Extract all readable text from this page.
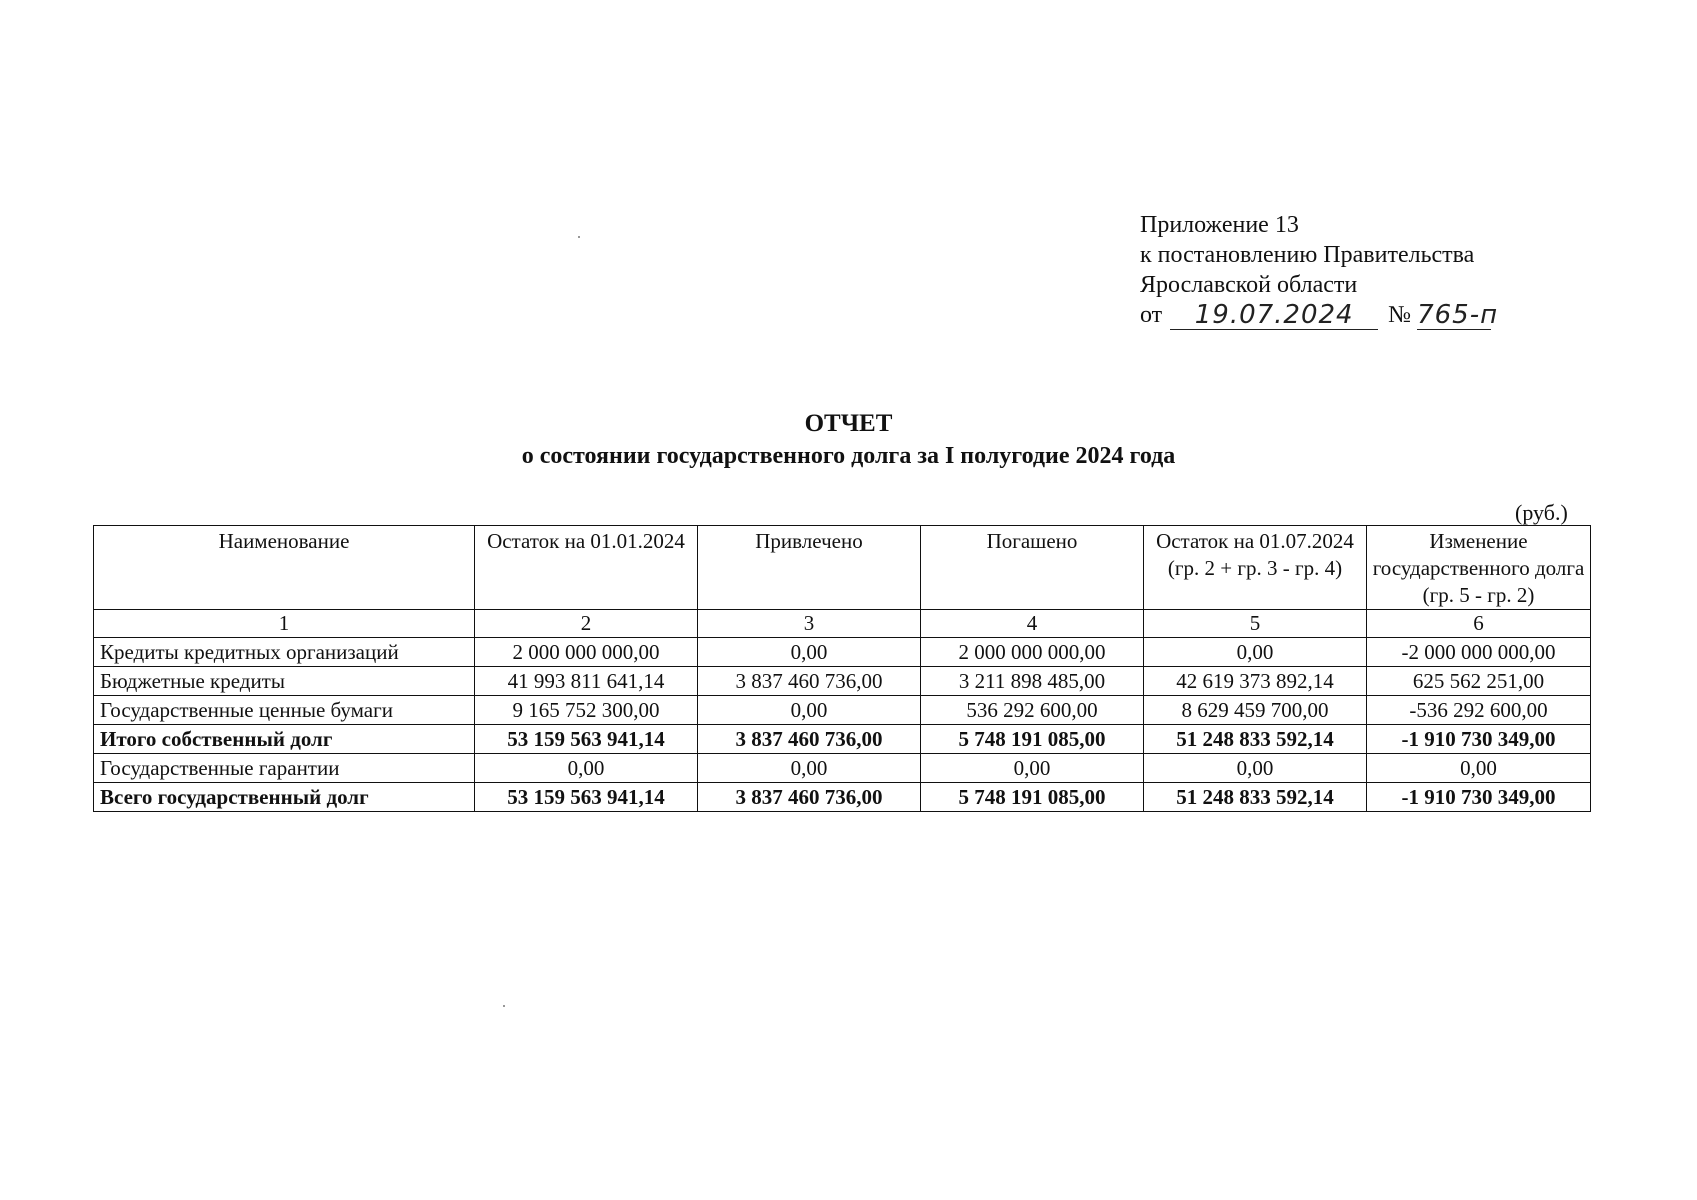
Приложение 13
к постановлению Правительства
Ярославской области
от	19.07.2024	№ 765-п
ОТЧЕТ
о состоянии государственного долга за I полугодие 2024 года
(руб.)
Наименование	Остаток на 01.01.2024	Привлечено	Погашено	Остаток на 01.07.2024 (гр. 2 + гр. 3 - гр. 4)	Изменение государственного долга (гр. 5 - гр. 2)
1	2	3	4	5	6
Кредиты кредитных организаций	2 000 000 000,00	0,00	2 000 000 000,00	0,00	-2 000 000 000,00
Бюджетные кредиты	41 993 811 641,14	3 837 460 736,00	3 211 898 485,00	42 619 373 892,14	625 562 251,00
Государственные ценные бумаги	9 165 752 300,00	0,00	536 292 600,00	8 629 459 700,00	-536 292 600,00
Итого собственный долг	53 159 563 941,14	3 837 460 736,00	5 748 191 085,00	51 248 833 592,14	-1 910 730 349,00
Государственные гарантии	0,00	0,00	0,00	0,00	0,00
Всего государственный долг	53 159 563 941,14	3 837 460 736,00	5 748 191 085,00	51 248 833 592,14	-1 910 730 349,00
